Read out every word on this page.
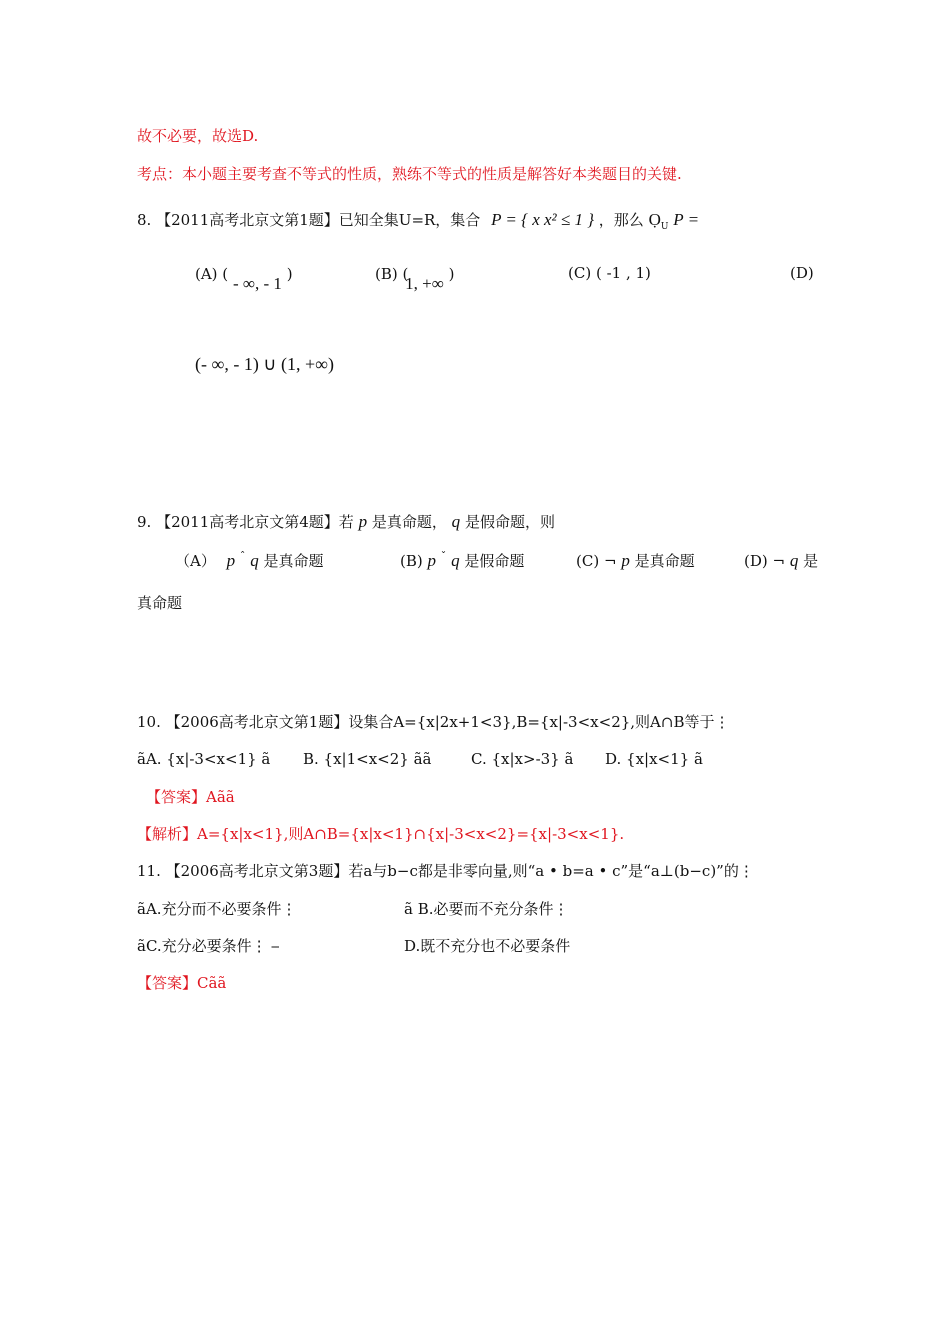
故不必要，故选D.
考点：本小题主要考查不等式的性质，熟练不等式的性质是解答好本类题目的关键.
8. 【2011高考北京文第1题】已知全集U=R，集合 P = { x x² ≤ 1 } ，那么 Ọ$_U$ P =
(A) ( - ∞, - 1 )	(B) ( 1, +∞ )	(C) ( -1 , 1)	(D)
(- ∞, - 1) ∪ (1, +∞)
9. 【2011高考北京文第4题】若 p 是真命题， q 是假命题，则
（A） p $^ˆ$ q 是真命题	(B) p $^ˇ$ q 是假命题	(C) ¬ p 是真命题	(D) ¬ q 是
真命题
10. 【2006高考北京文第1题】设集合A={x|2x+1<3},B={x|-3<x<2},则A∩B等于⋮
ãA. {x|-3<x<1} ã B. {x|1<x<2} ãã	C. {x|x>-3} ã D. {x|x<1} ã
【答案】Aãã
【解析】A={x|x<1},则A∩B={x|x<1}∩{x|-3<x<2}={x|-3<x<1}.
11. 【2006高考北京文第3题】若a与b−c都是非零向量,则“a • b=a • c”是“a⊥(b−c)”的⋮
ãA.充分而不必要条件⋮	ã B.必要而不充分条件⋮
ãC.充分必要条件⋮ ⎯	D.既不充分也不必要条件
【答案】Cãã
